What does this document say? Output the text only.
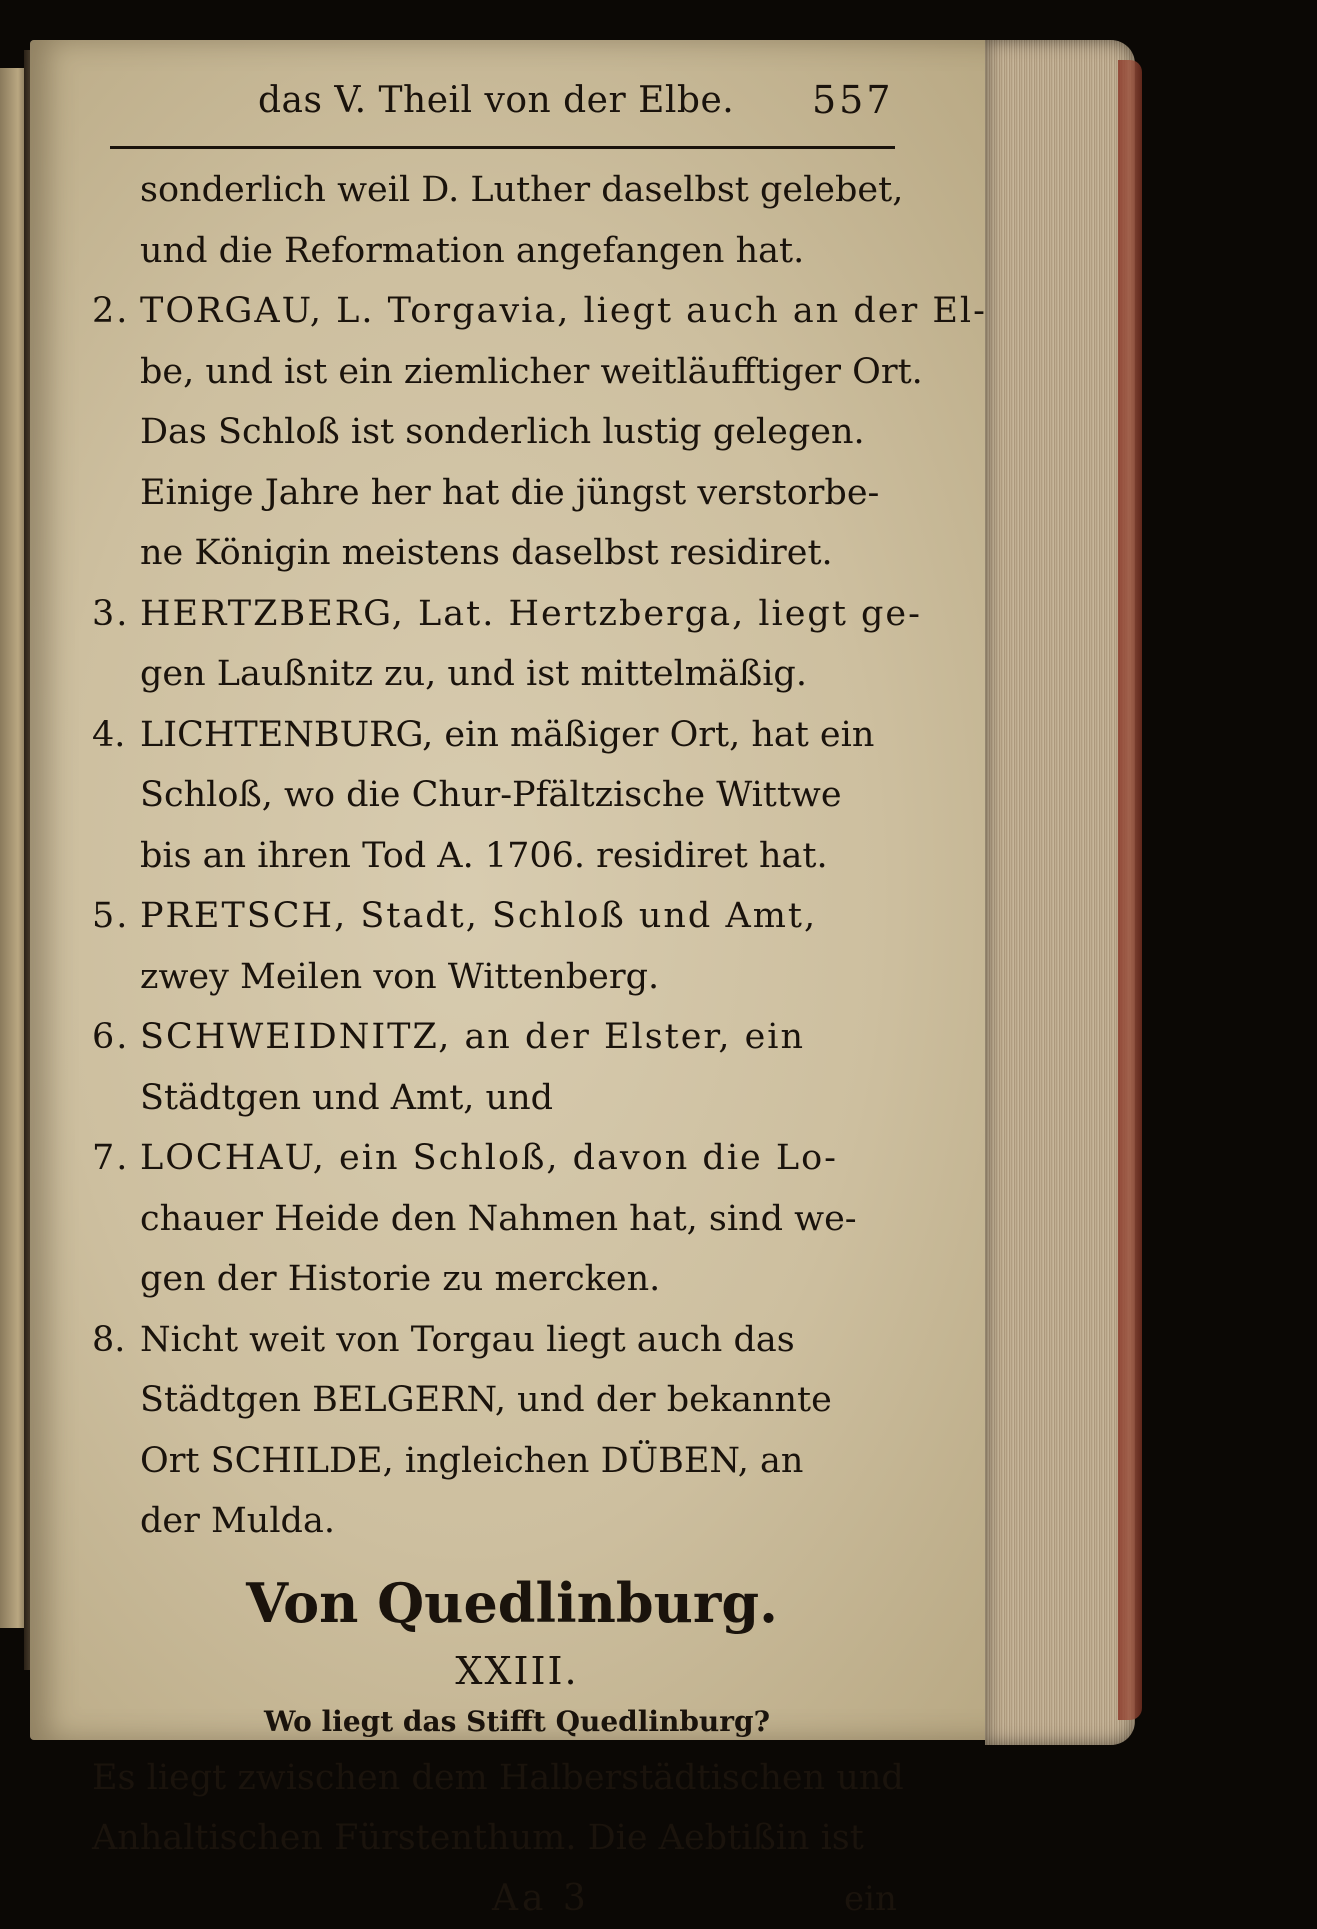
das V. Theil von der Elbe. 557
sonderlich weil D. Luther daselbst gelebet,
und die Reformation angefangen hat.
2. TORGAU, L. Torgavia, liegt auch an der El-
be, und ist ein ziemlicher weitläufftiger Ort.
Das Schloß ist sonderlich lustig gelegen.
Einige Jahre her hat die jüngst verstorbe-
ne Königin meistens daselbst residiret.
3. HERTZBERG, Lat. Hertzberga, liegt ge-
gen Laußnitz zu, und ist mittelmäßig.
4. LICHTENBURG, ein mäßiger Ort, hat ein
Schloß, wo die Chur-Pfältzische Wittwe
bis an ihren Tod A. 1706. residiret hat.
5. PRETSCH, Stadt, Schloß und Amt,
zwey Meilen von Wittenberg.
6. SCHWEIDNITZ, an der Elster, ein
Städtgen und Amt, und
7. LOCHAU, ein Schloß, davon die Lo-
chauer Heide den Nahmen hat, sind we-
gen der Historie zu mercken.
8. Nicht weit von Torgau liegt auch das
Städtgen BELGERN, und der bekannte
Ort SCHILDE, ingleichen DÜBEN, an
der Mulda.
Von Quedlinburg.
XXIII.
Wo liegt das Stifft Quedlinburg?
Es liegt zwischen dem Halberstädtischen und
Anhaltischen Fürstenthum. Die Aebtißin ist
Aa 3	ein
